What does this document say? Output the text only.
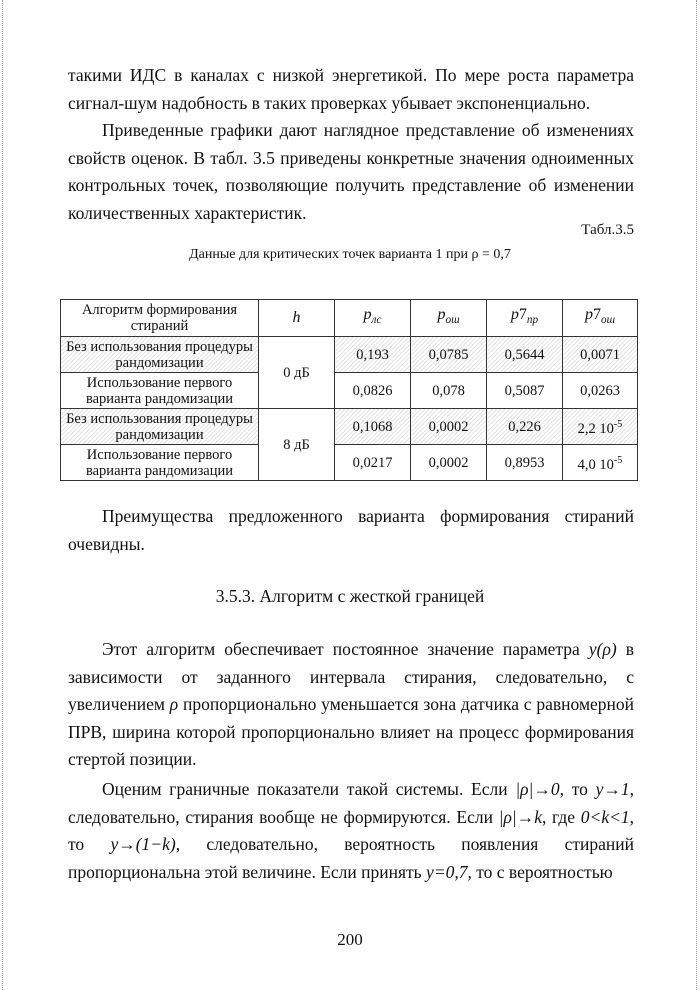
такими ИДС в каналах с низкой энергетикой. По мере роста параметра сигнал-шум надобность в таких проверках убывает экспоненциально.

Приведенные графики дают наглядное представление об изменениях свойств оценок. В табл. 3.5 приведены конкретные значения одноименных контрольных точек, позволяющие получить представление об изменении количественных характеристик.

Табл.3.5
Данные для критических точек варианта 1 при ρ = 0,7
Алгоритм формирования стираний	h	$p_{лс}$	$p_{ош}$	$p7_{пр}$	$p7_{ош}$
Без использования процедуры рандомизации	0 дБ	0,193	0,0785	0,5644	0,0071
Использование первого варианта рандомизации		0,0826	0,078	0,5087	0,0263
Без использования процедуры рандомизации	8 дБ	0,1068	0,0002	0,226	2,2 $10^{-5}$
Использование первого варианта рандомизации		0,0217	0,0002	0,8953	4,0 $10^{-5}$

Преимущества предложенного варианта формирования стираний очевидны.

3.5.3. Алгоритм с жесткой границей

Этот алгоритм обеспечивает постоянное значение параметра y(ρ) в зависимости от заданного интервала стирания, следовательно, с увеличением ρ пропорционально уменьшается зона датчика с равномерной ПРВ, ширина которой пропорционально влияет на процесс формирования стертой позиции.

Оценим граничные показатели такой системы. Если |ρ|→0, то y→1, следовательно, стирания вообще не формируются. Если |ρ|→k, где 0<k<1, то y→(1−k), следовательно, вероятность появления стираний пропорциональна этой величине. Если принять y=0,7, то с вероятностью

200
